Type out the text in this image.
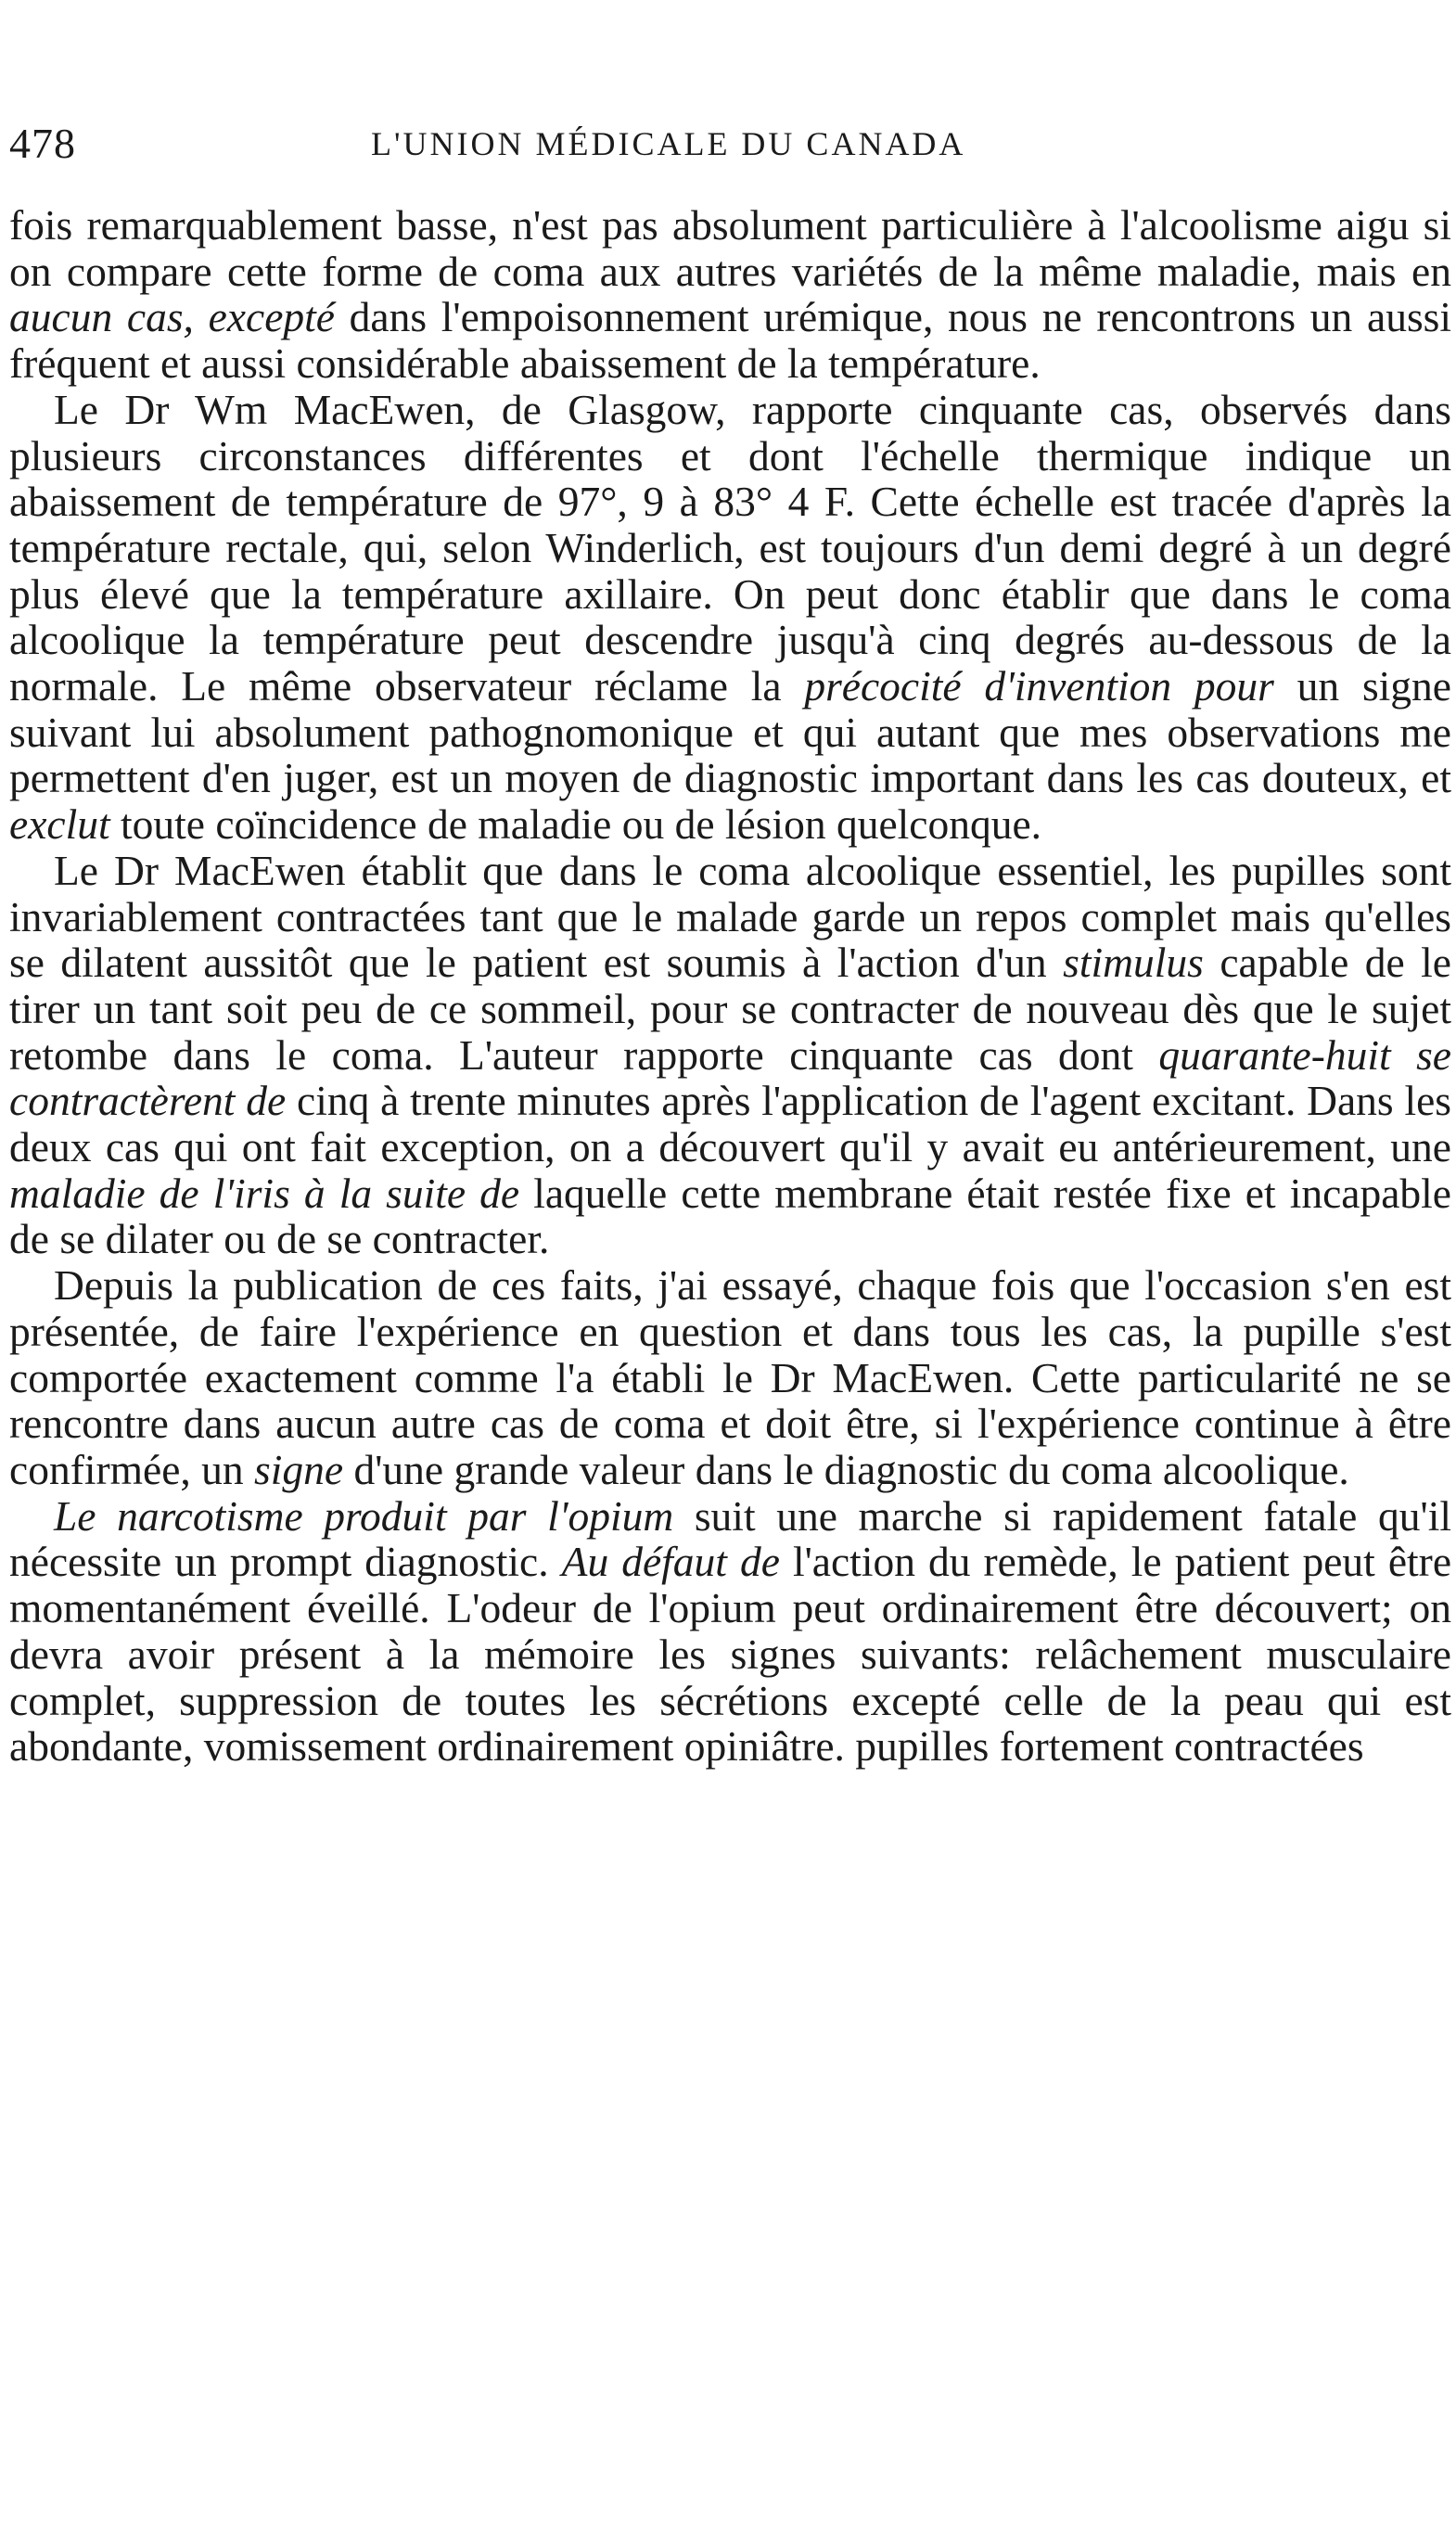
478	L'UNION MÉDICALE DU CANADA

fois remarquablement basse, n'est pas absolument particulière à l'alcoolisme aigu si on compare cette forme de coma aux autres variétés de la même maladie, mais en aucun cas, excepté dans l'empoisonnement urémique, nous ne rencontrons un aussi fréquent et aussi considérable abaissement de la température.

Le Dr Wm MacEwen, de Glasgow, rapporte cinquante cas, observés dans plusieurs circonstances différentes et dont l'échelle thermique indique un abaissement de température de 97°, 9 à 83° 4 F. Cette échelle est tracée d'après la température rectale, qui, selon Winderlich, est toujours d'un demi degré à un degré plus élevé que la température axillaire. On peut donc établir que dans le coma alcoolique la température peut descendre jusqu'à cinq degrés au-dessous de la normale. Le même observateur réclame la précocité d'invention pour un signe suivant lui absolument pathognomonique et qui autant que mes observations me permettent d'en juger, est un moyen de diagnostic important dans les cas douteux, et exclut toute coïncidence de maladie ou de lésion quelconque.

Le Dr MacEwen établit que dans le coma alcoolique essentiel, les pupilles sont invariablement contractées tant que le malade garde un repos complet mais qu'elles se dilatent aussitôt que le patient est soumis à l'action d'un stimulus capable de le tirer un tant soit peu de ce sommeil, pour se contracter de nouveau dès que le sujet retombe dans le coma. L'auteur rapporte cinquante cas dont quarante-huit se contractèrent de cinq à trente minutes après l'application de l'agent excitant. Dans les deux cas qui ont fait exception, on a découvert qu'il y avait eu antérieurement, une maladie de l'iris à la suite de laquelle cette membrane était restée fixe et incapable de se dilater ou de se contracter.

Depuis la publication de ces faits, j'ai essayé, chaque fois que l'occasion s'en est présentée, de faire l'expérience en question et dans tous les cas, la pupille s'est comportée exactement comme l'a établi le Dr MacEwen. Cette particularité ne se rencontre dans aucun autre cas de coma et doit être, si l'expérience continue à être confirmée, un signe d'une grande valeur dans le diagnostic du coma alcoolique.

Le narcotisme produit par l'opium suit une marche si rapidement fatale qu'il nécessite un prompt diagnostic. Au défaut de l'action du remède, le patient peut être momentanément éveillé. L'odeur de l'opium peut ordinairement être découvert; on devra avoir présent à la mémoire les signes suivants: relâchement musculaire complet, suppression de toutes les sécrétions excepté celle de la peau qui est abondante, vomissement ordinairement opiniâtre. pupilles fortement contractées
